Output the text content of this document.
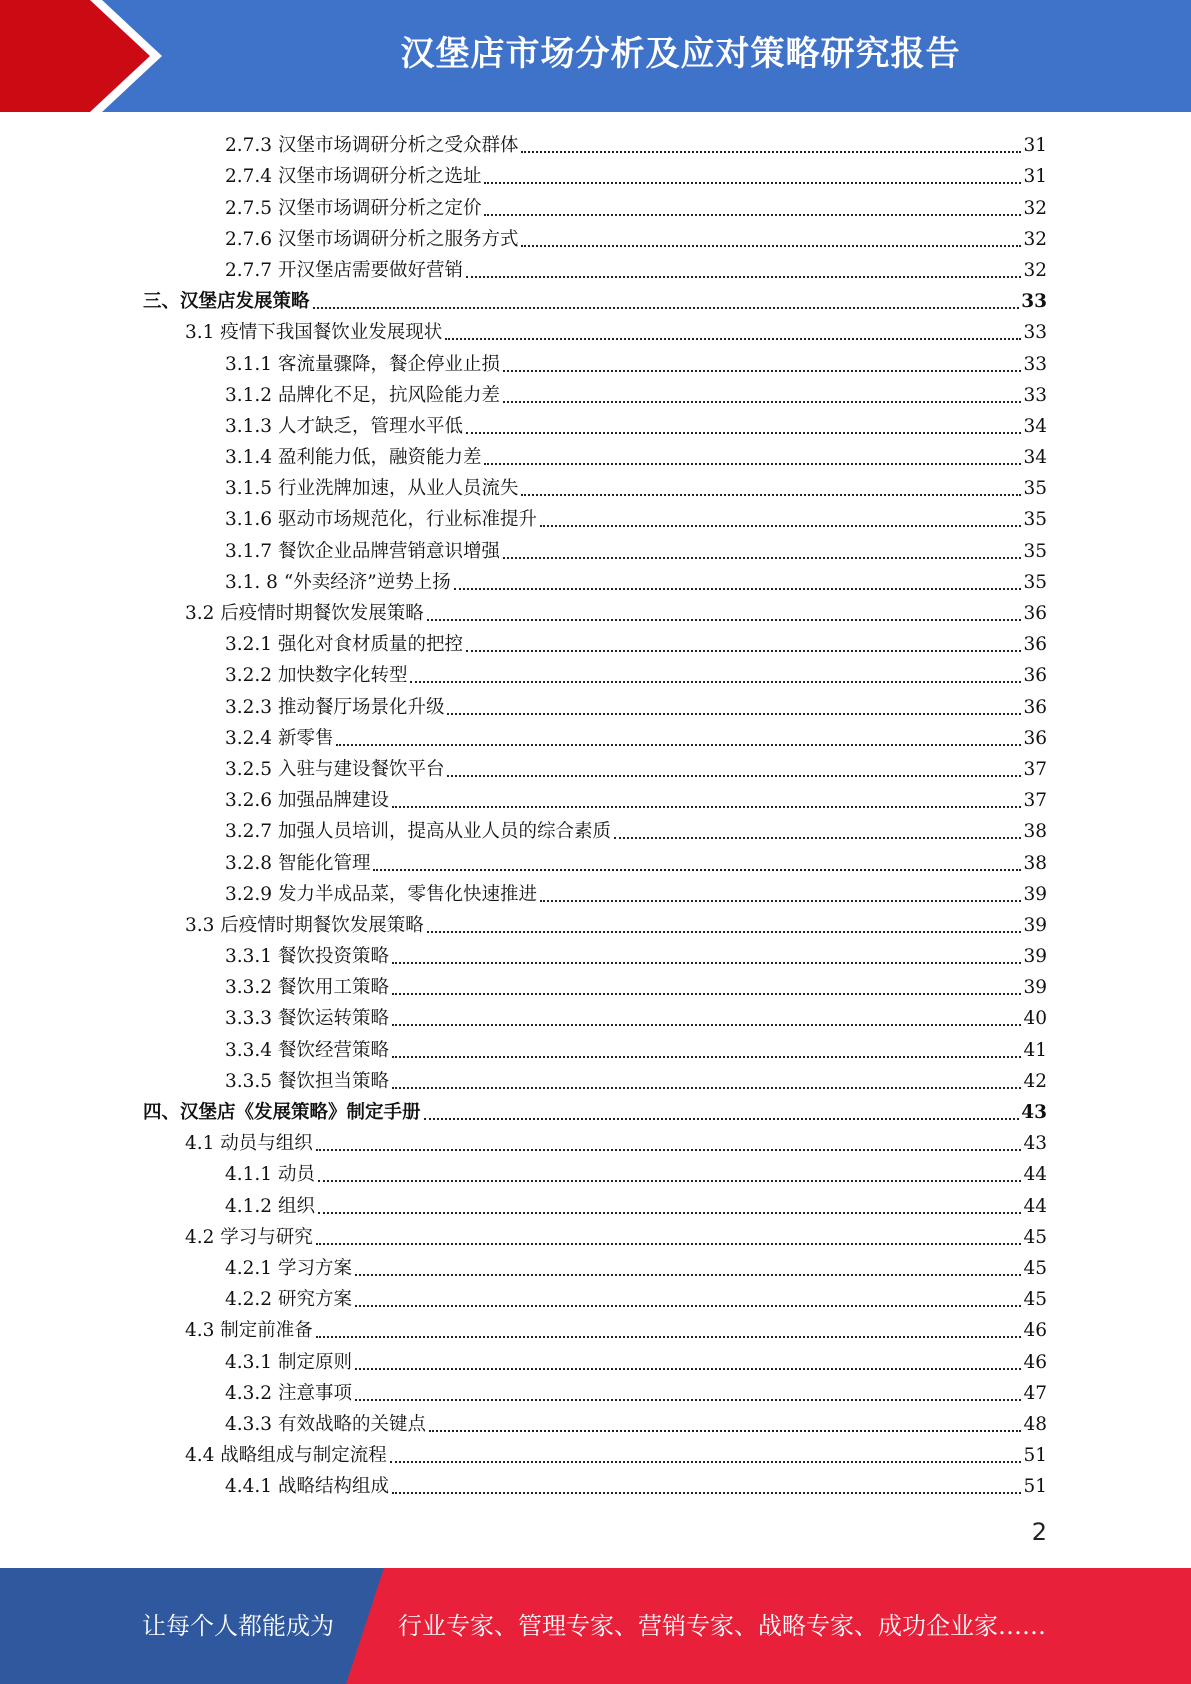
汉堡店市场分析及应对策略研究报告
2.7.3 汉堡市场调研分析之受众群体	31
2.7.4 汉堡市场调研分析之选址	31
2.7.5 汉堡市场调研分析之定价	32
2.7.6 汉堡市场调研分析之服务方式	32
2.7.7 开汉堡店需要做好营销	32
三、汉堡店发展策略	33
3.1 疫情下我国餐饮业发展现状	33
3.1.1 客流量骤降，餐企停业止损	33
3.1.2 品牌化不足，抗风险能力差	33
3.1.3 人才缺乏，管理水平低	34
3.1.4 盈利能力低，融资能力差	34
3.1.5 行业洗牌加速，从业人员流失	35
3.1.6 驱动市场规范化，行业标准提升	35
3.1.7 餐饮企业品牌营销意识增强	35
3.1. 8 “外卖经济”逆势上扬	35
3.2 后疫情时期餐饮发展策略	36
3.2.1 强化对食材质量的把控	36
3.2.2 加快数字化转型	36
3.2.3 推动餐厅场景化升级	36
3.2.4 新零售	36
3.2.5 入驻与建设餐饮平台	37
3.2.6 加强品牌建设	37
3.2.7 加强人员培训，提高从业人员的综合素质	38
3.2.8 智能化管理	38
3.2.9 发力半成品菜，零售化快速推进	39
3.3 后疫情时期餐饮发展策略	39
3.3.1 餐饮投资策略	39
3.3.2 餐饮用工策略	39
3.3.3 餐饮运转策略	40
3.3.4 餐饮经营策略	41
3.3.5 餐饮担当策略	42
四、汉堡店《发展策略》制定手册	43
4.1 动员与组织	43
4.1.1 动员	44
4.1.2 组织	44
4.2 学习与研究	45
4.2.1 学习方案	45
4.2.2 研究方案	45
4.3 制定前准备	46
4.3.1 制定原则	46
4.3.2 注意事项	47
4.3.3 有效战略的关键点	48
4.4 战略组成与制定流程	51
4.4.1 战略结构组成	51
2
让每个人都能成为	行业专家、管理专家、营销专家、战略专家、成功企业家……
